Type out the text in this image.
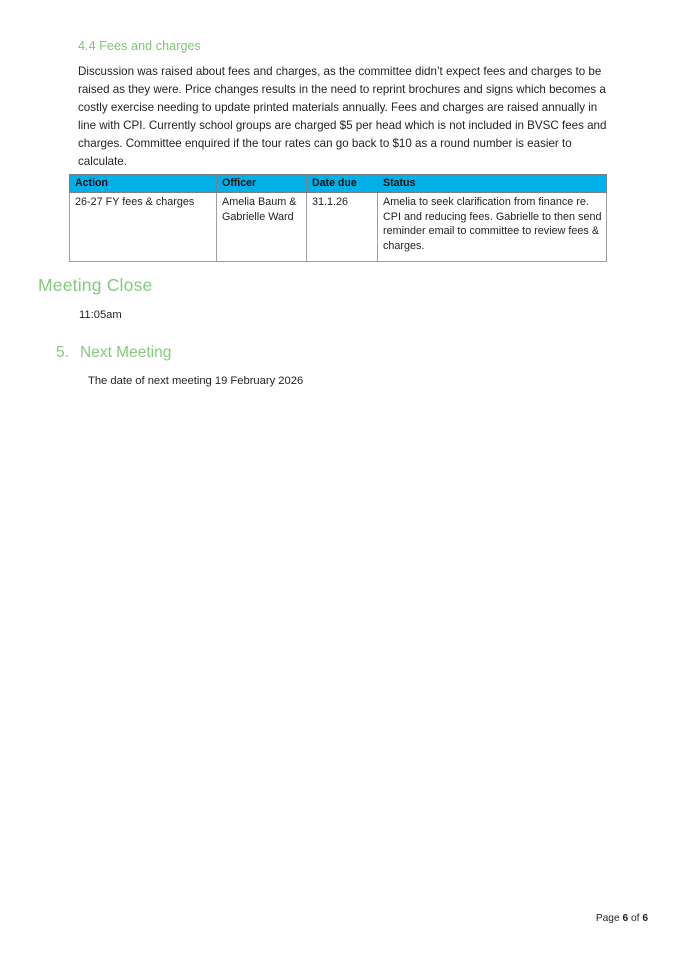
4.4 Fees and charges
Discussion was raised about fees and charges, as the committee didn’t expect fees and charges to be raised as they were. Price changes results in the need to reprint brochures and signs which becomes a costly exercise needing to update printed materials annually. Fees and charges are raised annually in line with CPI. Currently school groups are charged $5 per head which is not included in BVSC fees and charges. Committee enquired if the tour rates can go back to $10 as a round number is easier to calculate.
Action	Officer	Date due	Status
26-27 FY fees & charges	Amelia Baum & Gabrielle Ward	31.1.26	Amelia to seek clarification from finance re. CPI and reducing fees. Gabrielle to then send reminder email to committee to review fees & charges.
Meeting Close
11:05am
5. Next Meeting
The date of next meeting 19 February 2026
Page 6 of 6
